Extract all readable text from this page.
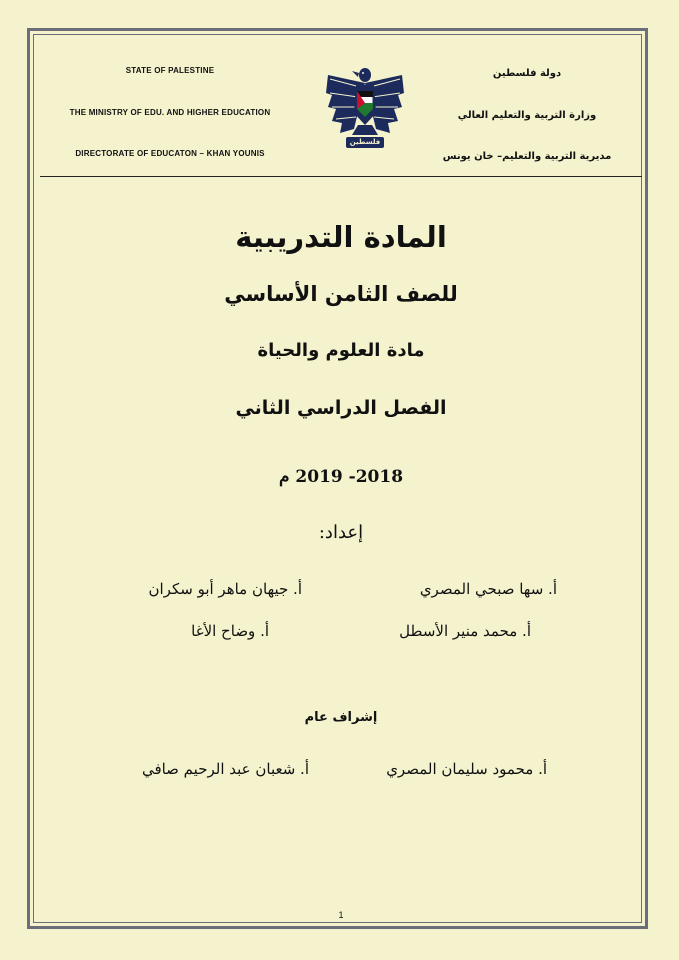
STATE OF PALESTINE
THE MINISTRY OF EDU. AND HIGHER EDUCATION
DIRECTORATE OF EDUCATON – KHAN YOUNIS
دولة فلسطين
وزارة التربية والتعليم العالي
مديرية التربية والتعليم– خان يونس
فلسطين
المادة التدريبية
للصف الثامن الأساسي
مادة العلوم والحياة
الفصل الدراسي الثاني
2018- 2019 م
إعداد:
أ. سها صبحي المصري
أ. جيهان ماهر أبو سكران
أ. محمد منير الأسطل
أ. وضاح الأغا
إشراف عام
أ. محمود سليمان المصري
أ. شعبان عبد الرحيم صافي
1
